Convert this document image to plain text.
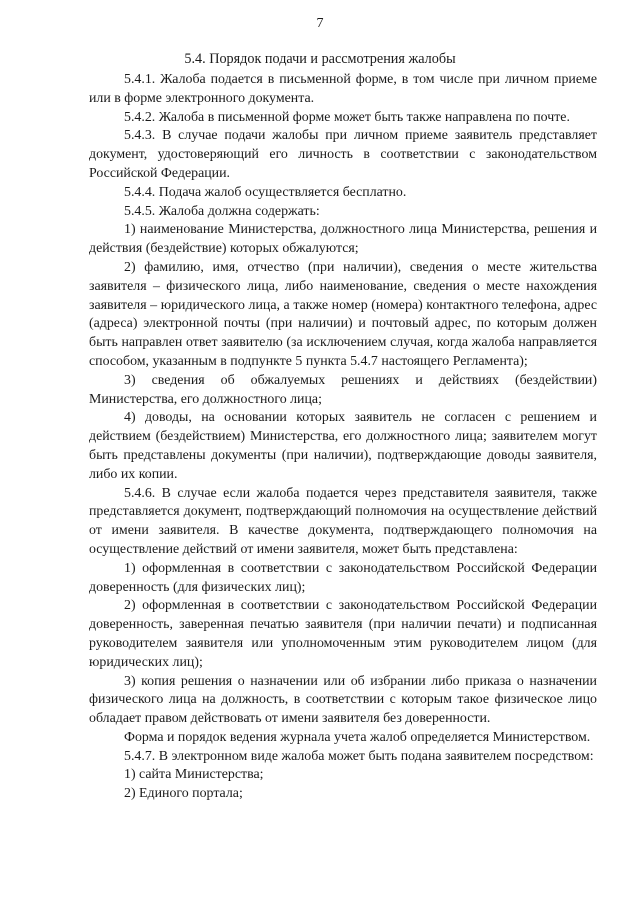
7
5.4. Порядок подачи и рассмотрения жалобы

5.4.1. Жалоба подается в письменной форме, в том числе при личном приеме или в форме электронного документа.

5.4.2. Жалоба в письменной форме может быть также направлена по почте.

5.4.3. В случае подачи жалобы при личном приеме заявитель представляет документ, удостоверяющий его личность в соответствии с законодательством Российской Федерации.

5.4.4. Подача жалоб осуществляется бесплатно.

5.4.5. Жалоба должна содержать:

1) наименование Министерства, должностного лица Министерства, решения и действия (бездействие) которых обжалуются;

2) фамилию, имя, отчество (при наличии), сведения о месте жительства заявителя – физического лица, либо наименование, сведения о месте нахождения заявителя – юридического лица, а также номер (номера) контактного телефона, адрес (адреса) электронной почты (при наличии) и почтовый адрес, по которым должен быть направлен ответ заявителю (за исключением случая, когда жалоба направляется способом, указанным в подпункте 5 пункта 5.4.7 настоящего Регламента);

3) сведения об обжалуемых решениях и действиях (бездействии) Министерства, его должностного лица;

4) доводы, на основании которых заявитель не согласен с решением и действием (бездействием) Министерства, его должностного лица; заявителем могут быть представлены документы (при наличии), подтверждающие доводы заявителя, либо их копии.

5.4.6. В случае если жалоба подается через представителя заявителя, также представляется документ, подтверждающий полномочия на осуществление действий от имени заявителя. В качестве документа, подтверждающего полномочия на осуществление действий от имени заявителя, может быть представлена:

1) оформленная в соответствии с законодательством Российской Федерации доверенность (для физических лиц);

2) оформленная в соответствии с законодательством Российской Федерации доверенность, заверенная печатью заявителя (при наличии печати) и подписанная руководителем заявителя или уполномоченным этим руководителем лицом (для юридических лиц);

3) копия решения о назначении или об избрании либо приказа о назначении физического лица на должность, в соответствии с которым такое физическое лицо обладает правом действовать от имени заявителя без доверенности.

Форма и порядок ведения журнала учета жалоб определяется Министерством.

5.4.7. В электронном виде жалоба может быть подана заявителем посредством:

1) сайта Министерства;

2) Единого портала;
